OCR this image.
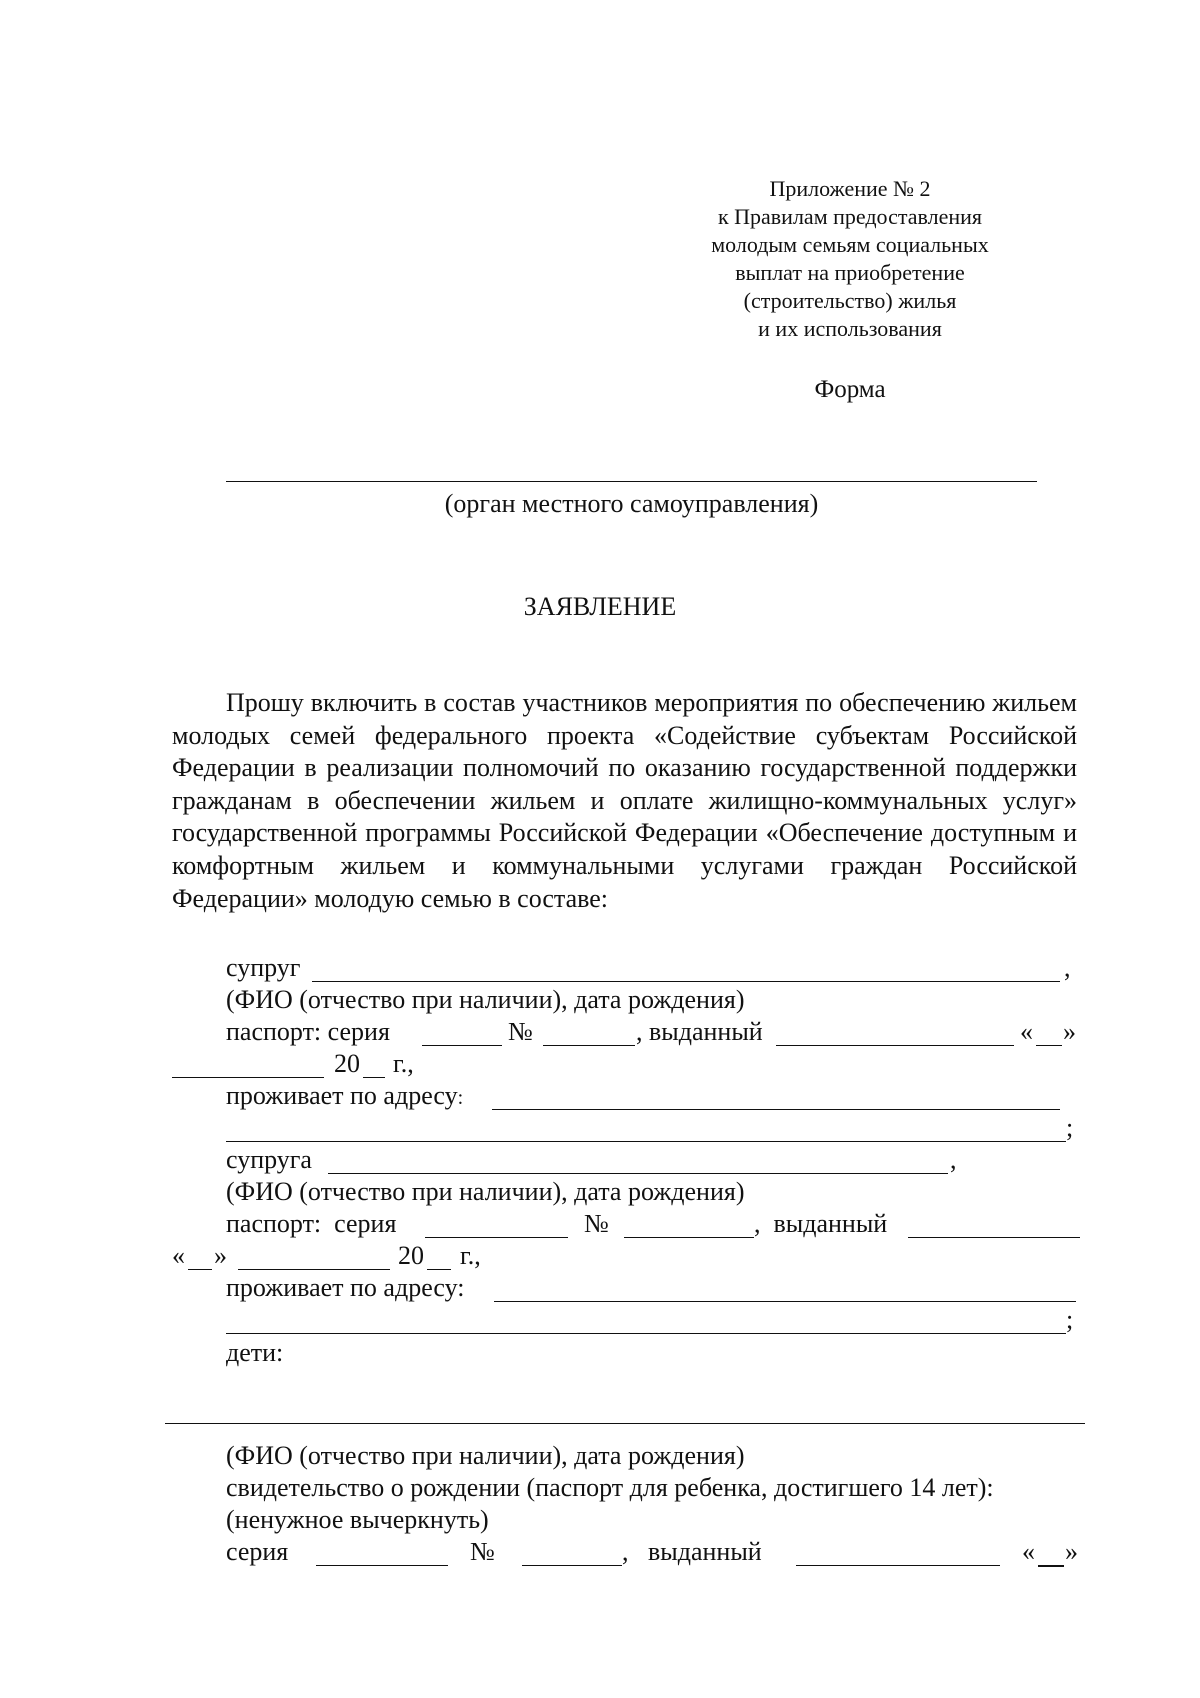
Приложение № 2
к Правилам предоставления
молодым семьям социальных
выплат на приобретение
(строительство) жилья
и их использования
Форма
(орган местного самоуправления)
ЗАЯВЛЕНИЕ
Прошу включить в состав участников мероприятия по обеспечению жильем молодых семей федерального проекта «Содействие субъектам Российской Федерации в реализации полномочий по оказанию государственной поддержки гражданам в обеспечении жильем и оплате жилищно-коммунальных услуг» государственной программы Российской Федерации «Обеспечение доступным и комфортным жильем и коммунальными услугами граждан Российской Федерации» молодую семью в составе:
супруг	,
(ФИО (отчество при наличии), дата рождения)
паспорт: серия	№	, выданный	« »
20 г.,
проживает по адресу:
;
супруга	,
(ФИО (отчество при наличии), дата рождения)
паспорт:  серия	№	,  выданный
« »	20 г.,
проживает по адресу:
;
дети:
(ФИО (отчество при наличии), дата рождения)
свидетельство о рождении (паспорт для ребенка, достигшего 14 лет):
(ненужное вычеркнуть)
серия	№	,   выданный	« »
